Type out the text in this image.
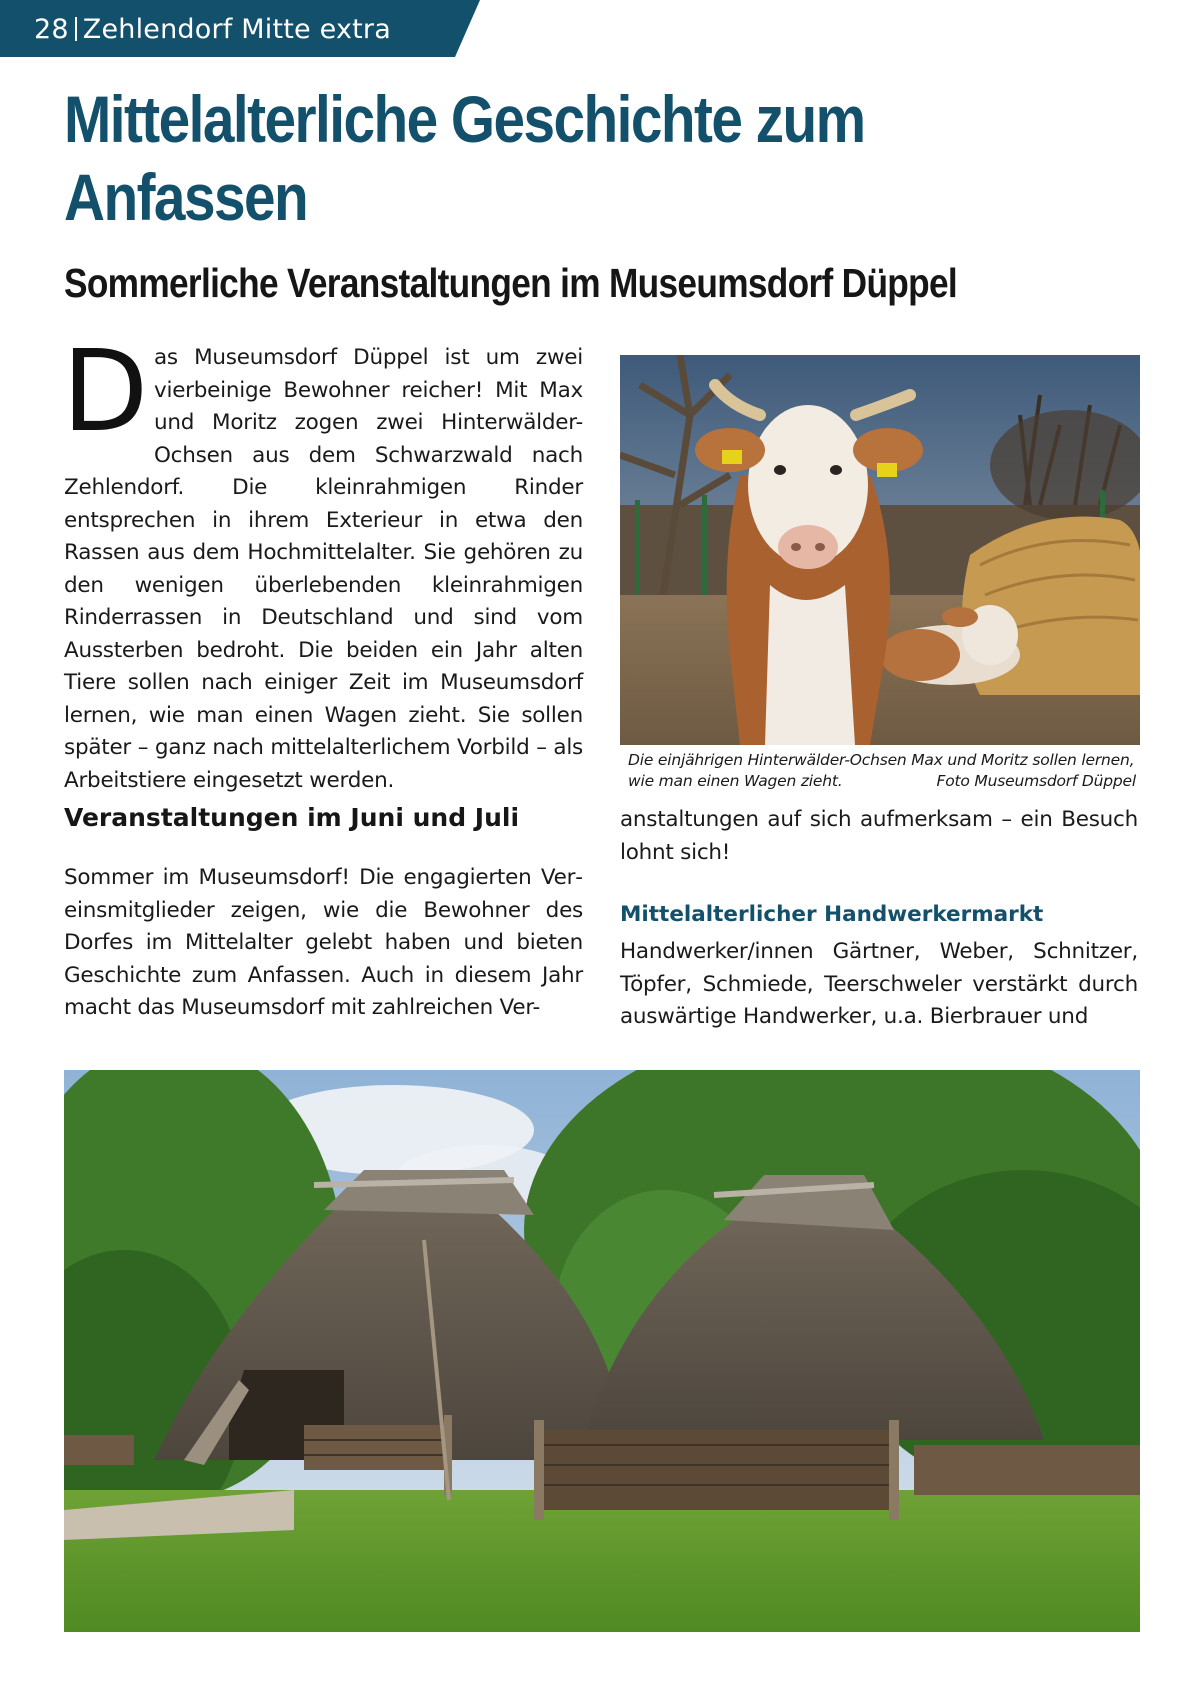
28 Zehlendorf Mitte extra
Mittelalterliche Geschichte zum Anfassen
Sommerliche Veranstaltungen im Museumsdorf Düppel
Das Museumsdorf Düppel ist um zwei vierbeinige Bewohner reicher! Mit Max und Moritz zogen zwei Hinterwälder-Ochsen aus dem Schwarzwald nach Zehlendorf. Die kleinrahmigen Rinder entsprechen in ihrem Exterieur in etwa den Rassen aus dem Hochmittelalter. Sie gehören zu den wenigen überlebenden kleinrahmigen Rinderrassen in Deutschland und sind vom Aussterben bedroht. Die beiden ein Jahr alten Tiere sollen nach einiger Zeit im Museumsdorf lernen, wie man einen Wagen zieht. Sie sollen später – ganz nach mittelalterlichem Vorbild – als Arbeitstiere eingesetzt werden.
Die einjährigen Hinterwälder-Ochsen Max und Moritz sollen lernen, wie man einen Wagen zieht.	Foto Museumsdorf Düppel
Veranstaltungen im Juni und Juli

Sommer im Museumsdorf! Die engagierten Vereinsmitglieder zeigen, wie die Bewohner des Dorfes im Mittelalter gelebt haben und bieten Geschichte zum Anfassen. Auch in diesem Jahr macht das Museumsdorf mit zahlreichen Ver-

anstaltungen auf sich aufmerksam – ein Besuch lohnt sich!

Mittelalterlicher Handwerkermarkt

Handwerker/innen Gärtner, Weber, Schnitzer, Töpfer, Schmiede, Teerschweler verstärkt durch auswärtige Handwerker, u.a. Bierbrauer und
